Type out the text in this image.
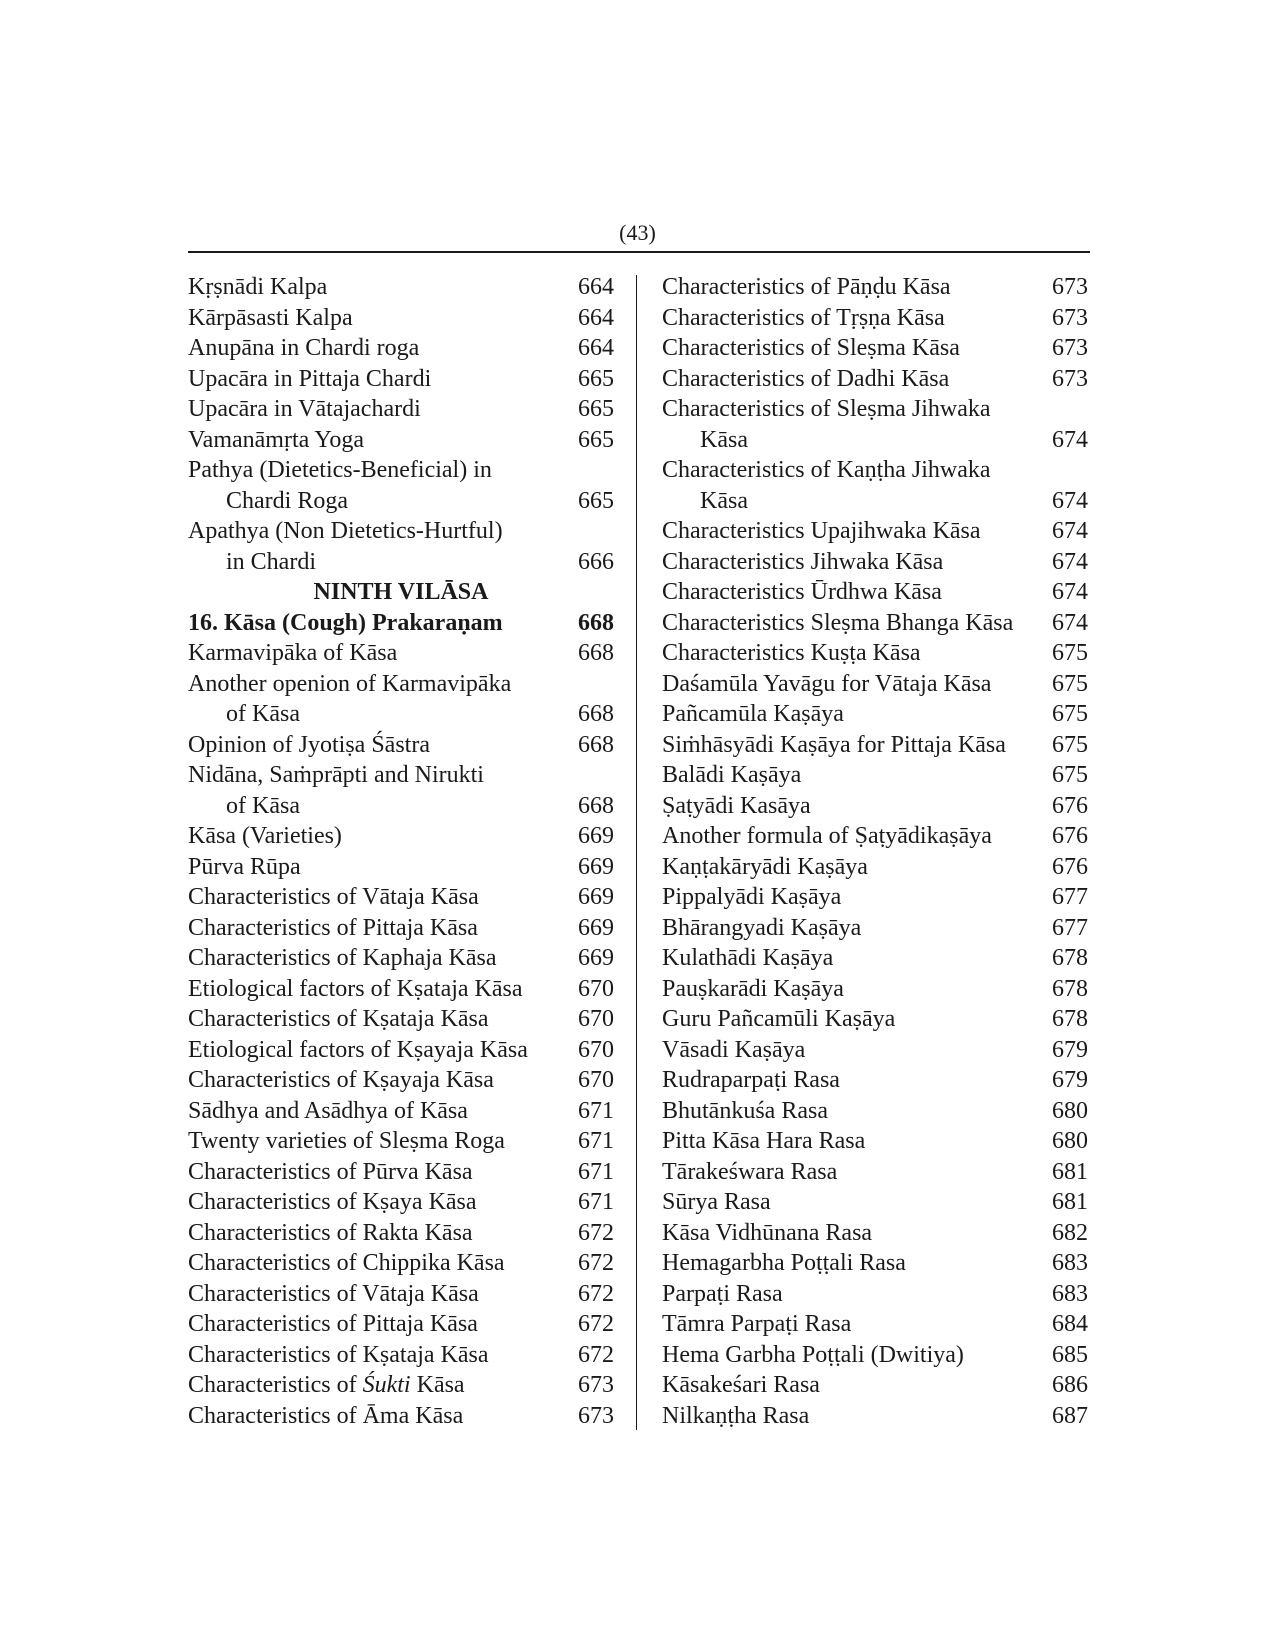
(43)
Kṛṣnādi Kalpa	664
Kārpāsasti Kalpa	664
Anupāna in Chardi roga	664
Upacāra in Pittaja Chardi	665
Upacāra in Vātajachardi	665
Vamanāmṛta Yoga	665
Pathya (Dietetics-Beneficial) in
Chardi Roga	665
Apathya (Non Dietetics-Hurtful)
in Chardi	666
NINTH VILĀSA
16. Kāsa (Cough) Prakaraṇam	668
Karmavipāka of Kāsa	668
Another openion of Karmavipāka
of Kāsa	668
Opinion of Jyotiṣa Śāstra	668
Nidāna, Saṁprāpti and Nirukti
of Kāsa	668
Kāsa (Varieties)	669
Pūrva Rūpa	669
Characteristics of Vātaja Kāsa	669
Characteristics of Pittaja Kāsa	669
Characteristics of Kaphaja Kāsa	669
Etiological factors of Kṣataja Kāsa	670
Characteristics of Kṣataja Kāsa	670
Etiological factors of Kṣayaja Kāsa	670
Characteristics of Kṣayaja Kāsa	670
Sādhya and Asādhya of Kāsa	671
Twenty varieties of Sleṣma Roga	671
Characteristics of Pūrva Kāsa	671
Characteristics of Kṣaya Kāsa	671
Characteristics of Rakta Kāsa	672
Characteristics of Chippika Kāsa	672
Characteristics of Vātaja Kāsa	672
Characteristics of Pittaja Kāsa	672
Characteristics of Kṣataja Kāsa	672
Characteristics of Śukti Kāsa	673
Characteristics of Āma Kāsa	673
Characteristics of Pāṇḍu Kāsa	673
Characteristics of Tṛṣṇa Kāsa	673
Characteristics of Sleṣma Kāsa	673
Characteristics of Dadhi Kāsa	673
Characteristics of Sleṣma Jihwaka
Kāsa	674
Characteristics of Kaṇṭha Jihwaka
Kāsa	674
Characteristics Upajihwaka Kāsa	674
Characteristics Jihwaka Kāsa	674
Characteristics Ūrdhwa Kāsa	674
Characteristics Sleṣma Bhanga Kāsa	674
Characteristics Kuṣṭa Kāsa	675
Daśamūla Yavāgu for Vātaja Kāsa	675
Pañcamūla Kaṣāya	675
Siṁhāsyādi Kaṣāya for Pittaja Kāsa	675
Balādi Kaṣāya	675
Ṣaṭyādi Kasāya	676
Another formula of Ṣaṭyādikaṣāya	676
Kaṇṭakāryādi Kaṣāya	676
Pippalyādi Kaṣāya	677
Bhārangyadi Kaṣāya	677
Kulathādi Kaṣāya	678
Pauṣkarādi Kaṣāya	678
Guru Pañcamūli Kaṣāya	678
Vāsadi Kaṣāya	679
Rudraparpaṭi Rasa	679
Bhutānkuśa Rasa	680
Pitta Kāsa Hara Rasa	680
Tārakeśwara Rasa	681
Sūrya Rasa	681
Kāsa Vidhūnana Rasa	682
Hemagarbha Poṭṭali Rasa	683
Parpaṭi Rasa	683
Tāmra Parpaṭi Rasa	684
Hema Garbha Poṭṭali (Dwitiya)	685
Kāsakeśari Rasa	686
Nilkaṇṭha Rasa	687
